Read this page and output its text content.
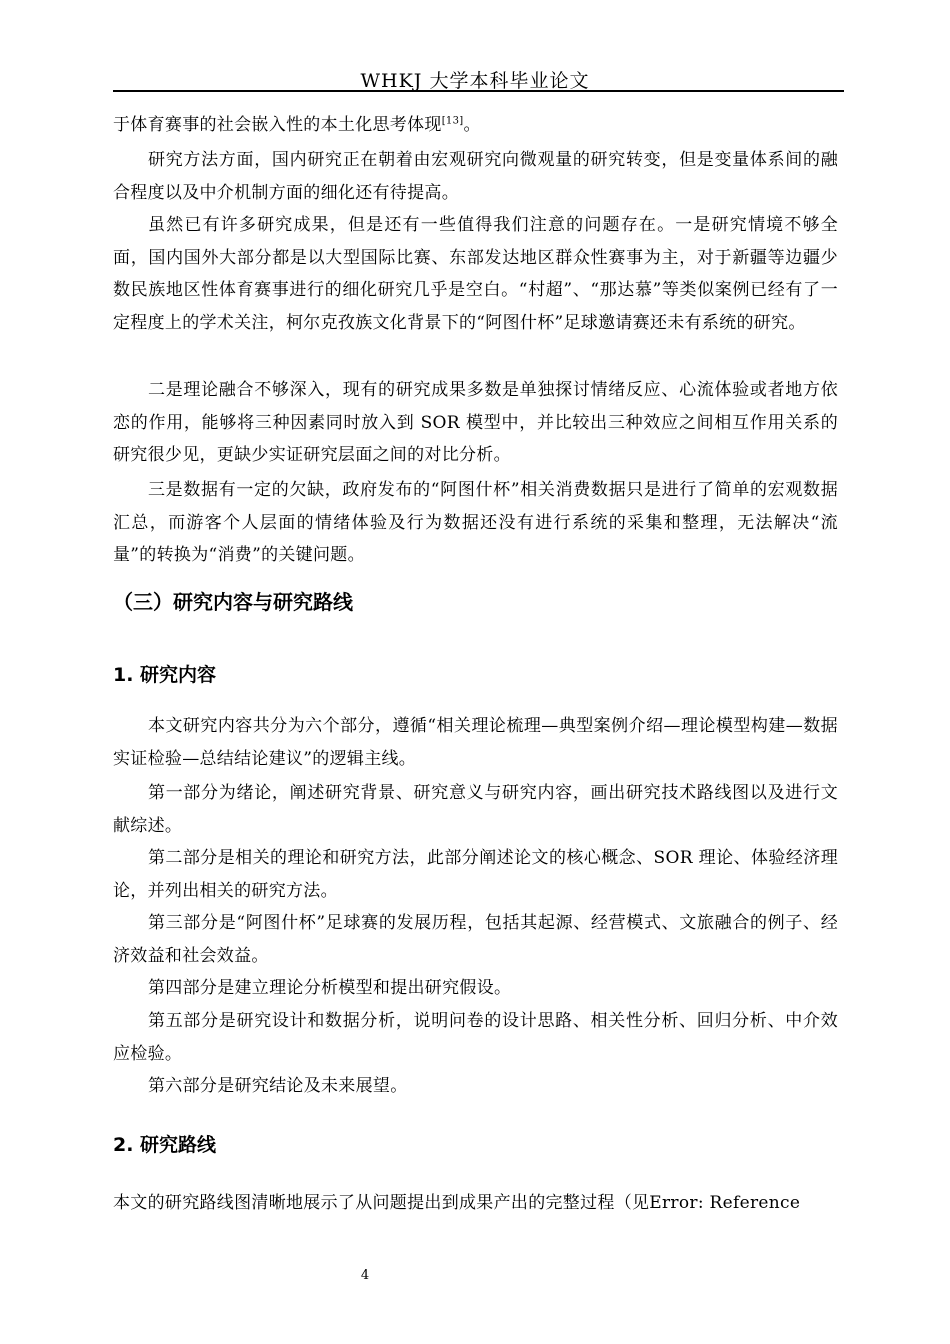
WHKJ 大学本科毕业论文
于体育赛事的社会嵌入性的本土化思考体现[13]。
研究方法方面，国内研究正在朝着由宏观研究向微观量的研究转变，但是变量体系间的融合程度以及中介机制方面的细化还有待提高。
虽然已有许多研究成果，但是还有一些值得我们注意的问题存在。一是研究情境不够全面，国内国外大部分都是以大型国际比赛、东部发达地区群众性赛事为主，对于新疆等边疆少数民族地区性体育赛事进行的细化研究几乎是空白。“村超”、“那达慕”等类似案例已经有了一定程度上的学术关注，柯尔克孜族文化背景下的“阿图什杯”足球邀请赛还未有系统的研究。
二是理论融合不够深入，现有的研究成果多数是单独探讨情绪反应、心流体验或者地方依恋的作用，能够将三种因素同时放入到 SOR 模型中，并比较出三种效应之间相互作用关系的研究很少见，更缺少实证研究层面之间的对比分析。
三是数据有一定的欠缺，政府发布的“阿图什杯”相关消费数据只是进行了简单的宏观数据汇总，而游客个人层面的情绪体验及行为数据还没有进行系统的采集和整理，无法解决“流量”的转换为“消费”的关键问题。
（三）研究内容与研究路线
1. 研究内容
本文研究内容共分为六个部分，遵循“相关理论梳理—典型案例介绍—理论模型构建—数据实证检验—总结结论建议”的逻辑主线。
第一部分为绪论，阐述研究背景、研究意义与研究内容，画出研究技术路线图以及进行文献综述。
第二部分是相关的理论和研究方法，此部分阐述论文的核心概念、SOR 理论、体验经济理论，并列出相关的研究方法。
第三部分是“阿图什杯”足球赛的发展历程，包括其起源、经营模式、文旅融合的例子、经济效益和社会效益。
第四部分是建立理论分析模型和提出研究假设。
第五部分是研究设计和数据分析，说明问卷的设计思路、相关性分析、回归分析、中介效应检验。
第六部分是研究结论及未来展望。
2. 研究路线
本文的研究路线图清晰地展示了从问题提出到成果产出的完整过程（见Error: Reference
4
